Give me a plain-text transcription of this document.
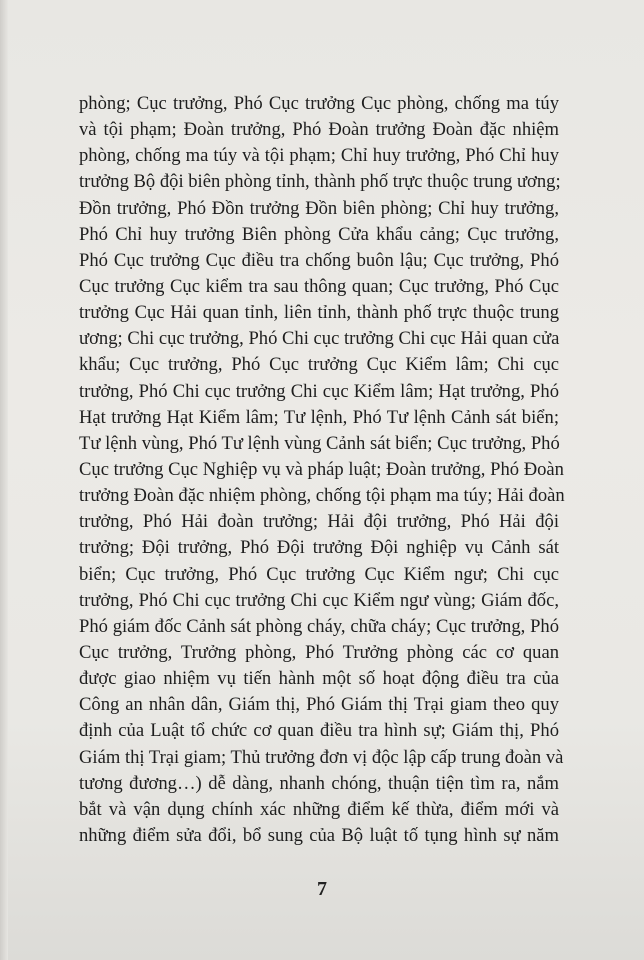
phòng; Cục trưởng, Phó Cục trưởng Cục phòng, chống ma túy
và tội phạm; Đoàn trưởng, Phó Đoàn trưởng Đoàn đặc nhiệm
phòng, chống ma túy và tội phạm; Chỉ huy trưởng, Phó Chỉ huy
trưởng Bộ đội biên phòng tỉnh, thành phố trực thuộc trung ương;
Đồn trưởng, Phó Đồn trưởng Đồn biên phòng; Chỉ huy trưởng,
Phó Chỉ huy trưởng Biên phòng Cửa khẩu cảng; Cục trưởng,
Phó Cục trưởng Cục điều tra chống buôn lậu; Cục trưởng, Phó
Cục trưởng Cục kiểm tra sau thông quan; Cục trưởng, Phó Cục
trưởng Cục Hải quan tỉnh, liên tỉnh, thành phố trực thuộc trung
ương; Chi cục trưởng, Phó Chi cục trưởng Chi cục Hải quan cửa
khẩu; Cục trưởng, Phó Cục trưởng Cục Kiểm lâm; Chi cục
trưởng, Phó Chi cục trưởng Chi cục Kiểm lâm; Hạt trưởng, Phó
Hạt trưởng Hạt Kiểm lâm; Tư lệnh, Phó Tư lệnh Cảnh sát biển;
Tư lệnh vùng, Phó Tư lệnh vùng Cảnh sát biển; Cục trưởng, Phó
Cục trưởng Cục Nghiệp vụ và pháp luật; Đoàn trưởng, Phó Đoàn
trưởng Đoàn đặc nhiệm phòng, chống tội phạm ma túy; Hải đoàn
trưởng, Phó Hải đoàn trưởng; Hải đội trưởng, Phó Hải đội
trưởng; Đội trưởng, Phó Đội trưởng Đội nghiệp vụ Cảnh sát
biển; Cục trưởng, Phó Cục trưởng Cục Kiểm ngư; Chi cục
trưởng, Phó Chi cục trưởng Chi cục Kiểm ngư vùng; Giám đốc,
Phó giám đốc Cảnh sát phòng cháy, chữa cháy; Cục trưởng, Phó
Cục trưởng, Trưởng phòng, Phó Trưởng phòng các cơ quan
được giao nhiệm vụ tiến hành một số hoạt động điều tra của
Công an nhân dân, Giám thị, Phó Giám thị Trại giam theo quy
định của Luật tổ chức cơ quan điều tra hình sự; Giám thị, Phó
Giám thị Trại giam; Thủ trưởng đơn vị độc lập cấp trung đoàn và
tương đương…) dễ dàng, nhanh chóng, thuận tiện tìm ra, nắm
bắt và vận dụng chính xác những điểm kế thừa, điểm mới và
những điểm sửa đổi, bổ sung của Bộ luật tố tụng hình sự năm
7
